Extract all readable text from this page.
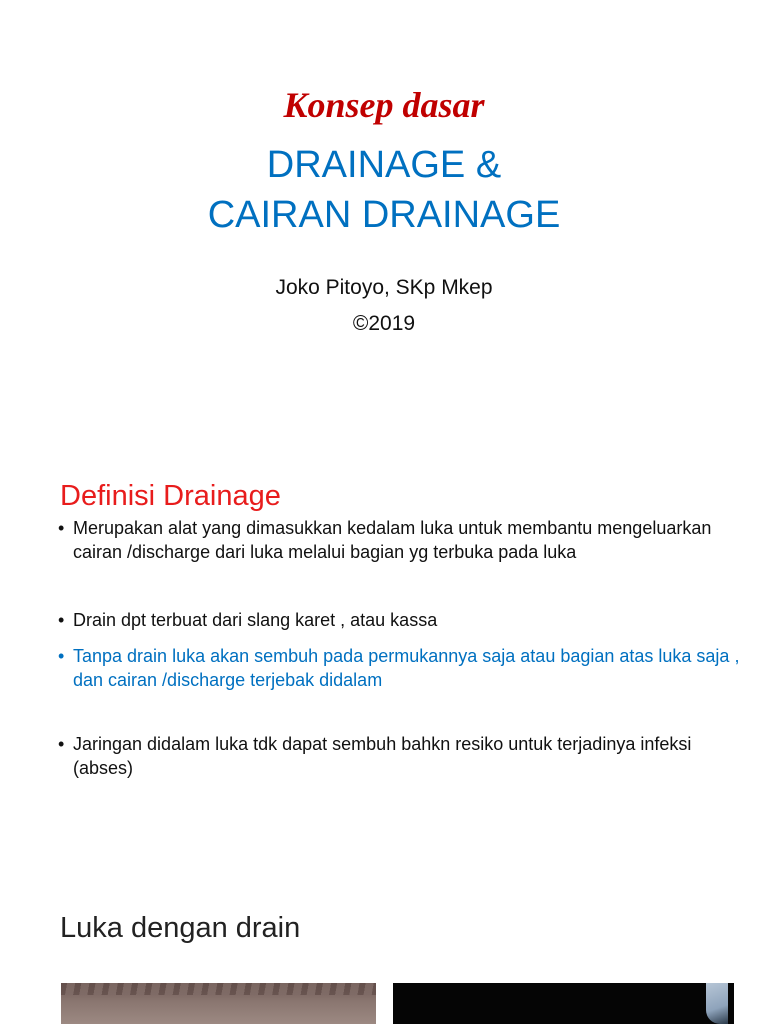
Konsep dasar
DRAINAGE &
CAIRAN DRAINAGE
Joko Pitoyo, SKp Mkep
©2019
Definisi Drainage
• Merupakan alat yang dimasukkan kedalam luka untuk membantu mengeluarkan cairan /discharge dari luka melalui bagian yg terbuka pada luka
• Drain dpt terbuat dari slang karet , atau kassa
• Tanpa drain luka akan sembuh pada permukannya saja atau bagian atas luka saja , dan cairan /discharge terjebak didalam
• Jaringan didalam luka tdk dapat sembuh bahkn resiko untuk terjadinya infeksi (abses)
Luka dengan drain
